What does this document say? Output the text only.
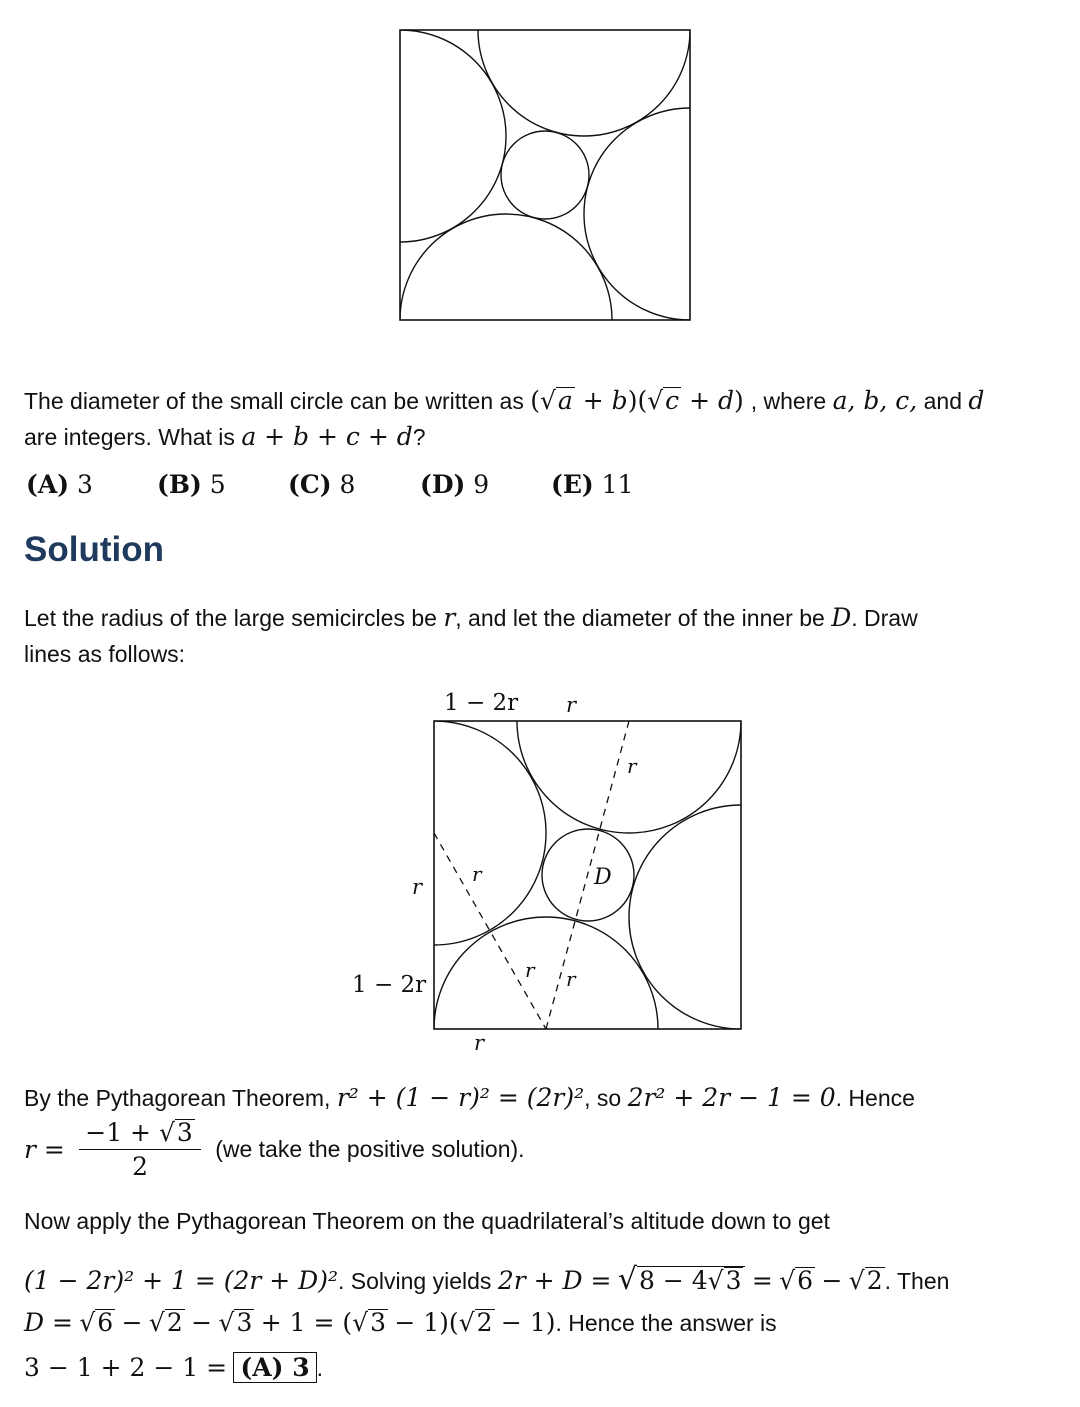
The diameter of the small circle can be written as (√a + b)(√c + d) , where a, b, c, and d
are integers. What is a + b + c + d?
(A) 3	(B) 5 (C) 8	(D) 9 (E) 11
Solution
Let the radius of the large semicircles be r, and let the diameter of the inner be D. Draw
lines as follows:
1 − 2r r
r
1 − 2r
r
r
r
r r
D
By the Pythagorean Theorem, r² + (1 − r)² = (2r)², so 2r² + 2r − 1 = 0. Hence
$r = \frac{-1 + √3}{2} (we$ take the positive solution).
Now apply the Pythagorean Theorem on the quadrilateral’s altitude down to get
(1 − 2r)² + 1 = (2r + D)². Solving yields 2r + D = √8 − 4√3 = √6 − √2. Then
D = √6 − √2 − √3 + 1 = (√3 − 1)(√2 − 1). Hence the answer is
3 − 1 + 2 − 1 = (A) 3 .
